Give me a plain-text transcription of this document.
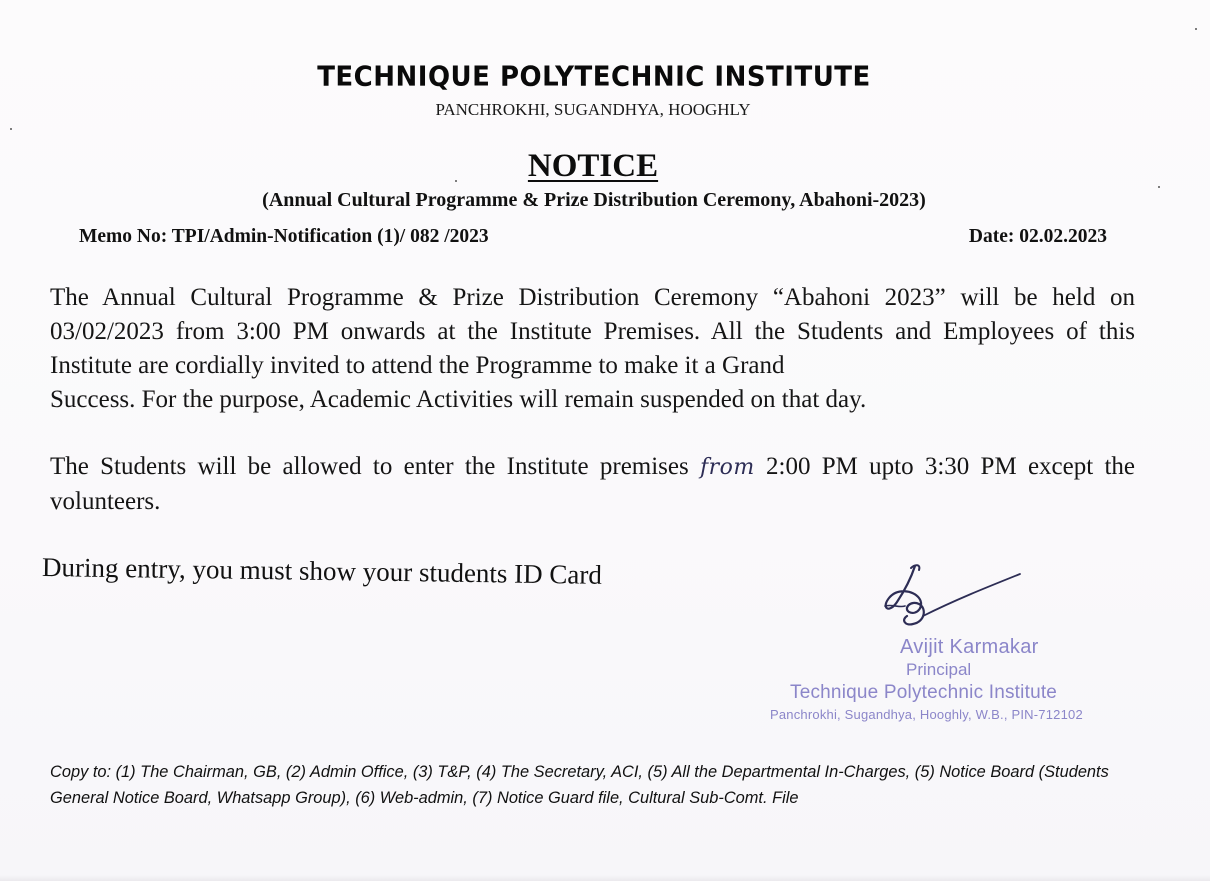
TECHNIQUE POLYTECHNIC INSTITUTE
PANCHROKHI, SUGANDHYA, HOOGHLY
NOTICE
(Annual Cultural Programme & Prize Distribution Ceremony, Abahoni-2023)
Memo No: TPI/Admin-Notification (1)/ 082 /2023	Date: 02.02.2023
The Annual Cultural Programme & Prize Distribution Ceremony “Abahoni 2023” will be held on 03/02/2023 from 3:00 PM onwards at the Institute Premises. All the Students and Employees of this Institute are cordially invited to attend the Programme to make it a Grand
Success. For the purpose, Academic Activities will remain suspended on that day.
The Students will be allowed to enter the Institute premises from 2:00 PM upto 3:30 PM except the volunteers.
During entry, you must show your students ID Card
Avijit Karmakar
Principal
Technique Polytechnic Institute
Panchrokhi, Sugandhya, Hooghly, W.B., PIN-712102
Copy to: (1) The Chairman, GB, (2) Admin Office, (3) T&P, (4) The Secretary, ACI, (5) All the Departmental In-Charges, (5) Notice Board (Students General Notice Board, Whatsapp Group), (6) Web-admin, (7) Notice Guard file, Cultural Sub-Comt. File
